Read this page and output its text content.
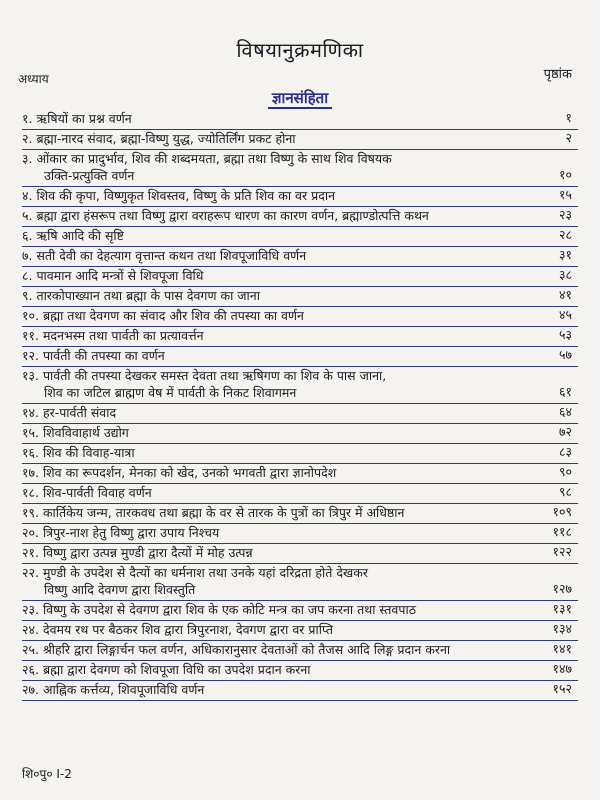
विषयानुक्रमणिका
अध्याय	पृष्ठांक
ज्ञानसंहिता
१. ऋषियों का प्रश्न वर्णन	१
२. ब्रह्मा-नारद संवाद, ब्रह्मा-विष्णु युद्ध, ज्योतिर्लिंग प्रकट होना	२
३. ओंकार का प्रादुर्भाव, शिव की शब्दमयता, ब्रह्मा तथा विष्णु के साथ शिव विषयक
उक्ति-प्रत्युक्ति वर्णन	१०
४. शिव की कृपा, विष्णुकृत शिवस्तव, विष्णु के प्रति शिव का वर प्रदान	१५
५. ब्रह्मा द्वारा हंसरूप तथा विष्णु द्वारा वराहरूप धारण का कारण वर्णन, ब्रह्माण्डोत्पत्ति कथन	२३
६. ऋषि आदि की सृष्टि	२८
७. सती देवी का देहत्याग वृत्तान्त कथन तथा शिवपूजाविधि वर्णन	३१
८. पावमान आदि मन्त्रों से शिवपूजा विधि	३८
९. तारकोपाख्यान तथा ब्रह्मा के पास देवगण का जाना	४१
१०. ब्रह्मा तथा देवगण का संवाद और शिव की तपस्या का वर्णन	४५
११. मदनभस्म तथा पार्वती का प्रत्यावर्त्तन	५३
१२. पार्वती की तपस्या का वर्णन	५७
१३. पार्वती की तपस्या देखकर समस्त देवता तथा ऋषिगण का शिव के पास जाना,
शिव का जटिल ब्राह्मण वेष में पार्वती के निकट शिवागमन	६१
१४. हर-पार्वती संवाद	६४
१५. शिवविवाहार्थ उद्योग	७२
१६. शिव की विवाह-यात्रा	८३
१७. शिव का रूपदर्शन, मेनका को खेद, उनको भगवती द्वारा ज्ञानोपदेश	९०
१८. शिव-पार्वती विवाह वर्णन	९८
१९. कार्तिकेय जन्म, तारकवध तथा ब्रह्मा के वर से तारक के पुत्रों का त्रिपुर में अधिष्ठान	१०९
२०. त्रिपुर-नाश हेतु विष्णु द्वारा उपाय निश्चय	११८
२१. विष्णु द्वारा उत्पन्न मुण्डी द्वारा दैत्यों में मोह उत्पन्न	१२२
२२. मुण्डी के उपदेश से दैत्यों का धर्मनाश तथा उनके यहां दरिद्रता होते देखकर
विष्णु आदि देवगण द्वारा शिवस्तुति	१२७
२३. विष्णु के उपदेश से देवगण द्वारा शिव के एक कोटि मन्त्र का जप करना तथा स्तवपाठ	१३१
२४. देवमय रथ पर बैठकर शिव द्वारा त्रिपुरनाश, देवगण द्वारा वर प्राप्ति	१३४
२५. श्रीहरि द्वारा लिङ्गार्चन फल वर्णन, अधिकारानुसार देवताओं को तैजस आदि लिङ्ग प्रदान करना	१४१
२६. ब्रह्मा द्वारा देवगण को शिवपूजा विधि का उपदेश प्रदान करना	१४७
२७. आह्निक कर्त्तव्य, शिवपूजाविधि वर्णन	१५२
शि०पु० I-2
